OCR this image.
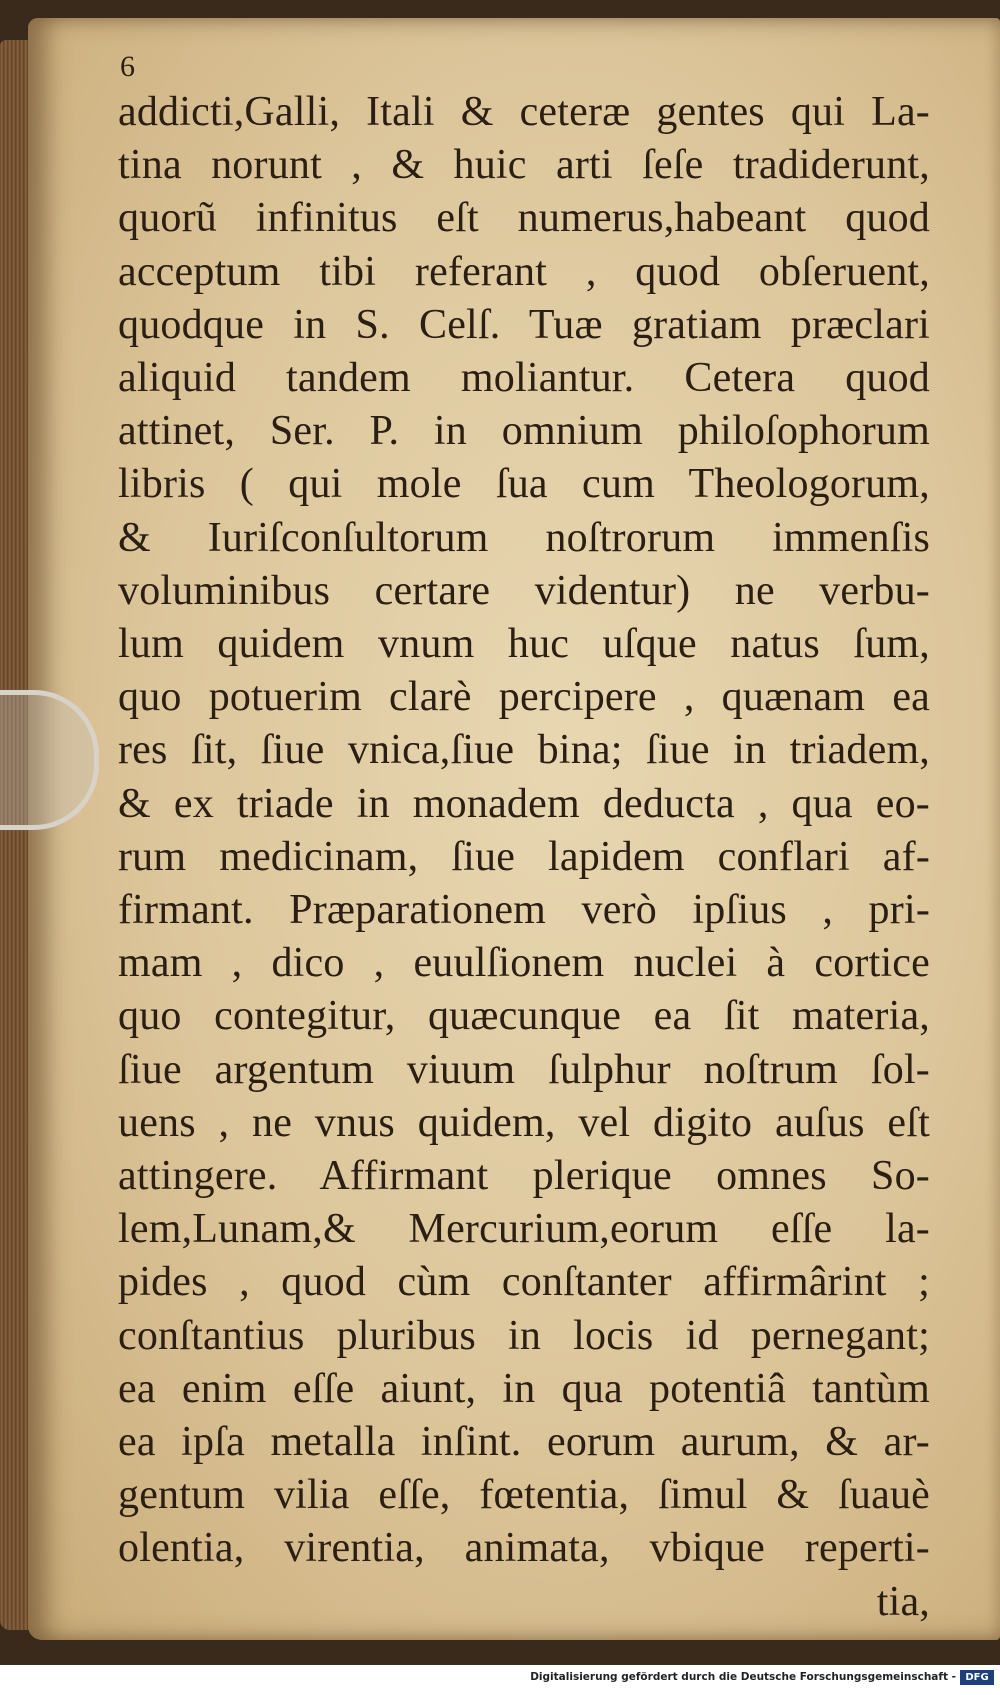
6
addicti,Galli, Itali & ceteræ gentes qui La-
tina norunt , & huic arti ſeſe tradiderunt,
quorũ infinitus eſt numerus,habeant quod
acceptum tibi referant , quod obſeruent,
quodque in S. Celſ. Tuæ gratiam præclari
aliquid tandem moliantur. Cetera quod
attinet, Ser. P. in omnium philoſophorum
libris ( qui mole ſua cum Theologorum,
& Iuriſconſultorum noſtrorum immenſis
voluminibus certare videntur) ne verbu-
lum quidem vnum huc uſque natus ſum,
quo potuerim clarè percipere , quænam ea
res ſit, ſiue vnica,ſiue bina; ſiue in triadem,
& ex triade in monadem deducta , qua eo-
rum medicinam, ſiue lapidem conflari af-
firmant. Præparationem verò ipſius , pri-
mam , dico , euulſionem nuclei à cortice
quo contegitur, quæcunque ea ſit materia,
ſiue argentum viuum ſulphur noſtrum ſol-
uens , ne vnus quidem, vel digito auſus eſt
attingere. Affirmant plerique omnes So-
lem,Lunam,& Mercurium,eorum eſſe la-
pides , quod cùm conſtanter affirmârint ;
conſtantius pluribus in locis id pernegant;
ea enim eſſe aiunt, in qua potentiâ tantùm
ea ipſa metalla inſint. eorum aurum, & ar-
gentum vilia eſſe, fœtentia, ſimul & ſuauè
olentia, virentia, animata, vbique reperti-
tia,
Digitalisierung gefördert durch die Deutsche Forschungsgemeinschaft - DFG
